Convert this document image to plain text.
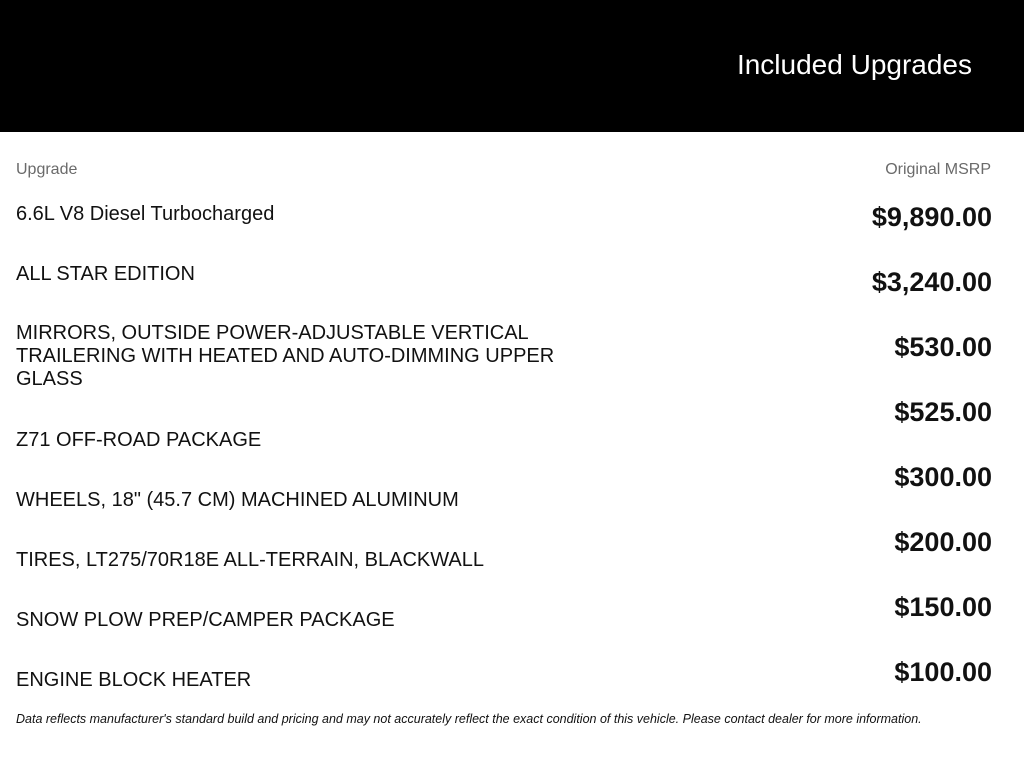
Included Upgrades
Upgrade	Original MSRP
6.6L V8 Diesel Turbocharged
ALL STAR EDITION
MIRRORS, OUTSIDE POWER-ADJUSTABLE VERTICAL TRAILERING WITH HEATED AND AUTO-DIMMING UPPER GLASS
Z71 OFF-ROAD PACKAGE
WHEELS, 18" (45.7 CM) MACHINED ALUMINUM
TIRES, LT275/70R18E ALL-TERRAIN, BLACKWALL
SNOW PLOW PREP/CAMPER PACKAGE
ENGINE BLOCK HEATER
$9,890.00
$3,240.00
$530.00
$525.00
$300.00
$200.00
$150.00
$100.00
Data reflects manufacturer's standard build and pricing and may not accurately reflect the exact condition of this vehicle. Please contact dealer for more information.
